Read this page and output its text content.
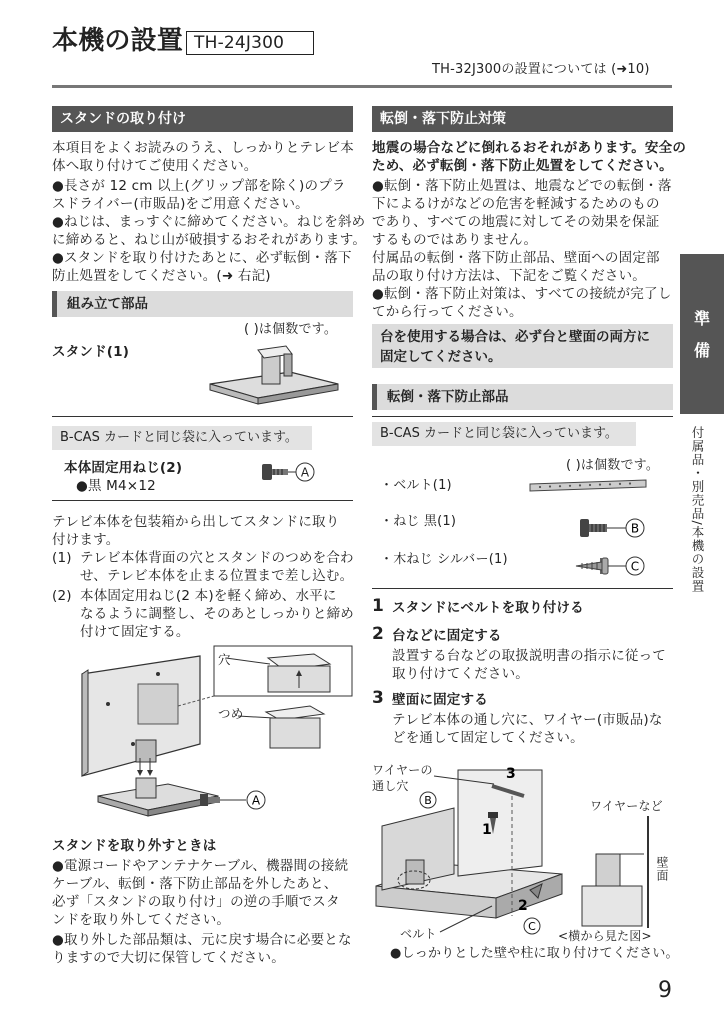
本機の設置 TH-24J300
TH-32J300の設置については (➜10)
スタンドの取り付け
本項目をよくお読みのうえ、しっかりとテレビ本
体へ取り付けてご使用ください。
●長さが 12 cm 以上(グリップ部を除く)のプラ
スドライバー(市販品)をご用意ください。
●ねじは、まっすぐに締めてください。ねじを斜め
に締めると、ねじ山が破損するおそれがあります。
●スタンドを取り付けたあとに、必ず転倒・落下
防止処置をしてください。(➜ 右記)
組み立て部品
( )は個数です。
スタンド(1)
B-CAS カードと同じ袋に入っています。
本体固定用ねじ(2)
●黒 M4×12
A
テレビ本体を包装箱から出してスタンドに取り
付けます。
(1) テレビ本体背面の穴とスタンドのつめを合わ
せ、テレビ本体を止まる位置まで差し込む。
(2) 本体固定用ねじ(2 本)を軽く締め、水平に
なるように調整し、そのあとしっかりと締め
付けて固定する。
A
穴
つめ
スタンドを取り外すときは
●電源コードやアンテナケーブル、機器間の接続
ケーブル、転倒・落下防止部品を外したあと、
必ず「スタンドの取り付け」の逆の手順でスタ
ンドを取り外してください。
●取り外した部品類は、元に戻す場合に必要とな
りますので大切に保管してください。
転倒・落下防止対策
地震の場合などに倒れるおそれがあります。安全の
ため、必ず転倒・落下防止処置をしてください。
●転倒・落下防止処置は、地震などでの転倒・落
下によるけがなどの危害を軽減するためのもの
であり、すべての地震に対してその効果を保証
するものではありません。
付属品の転倒・落下防止部品、壁面への固定部
品の取り付け方法は、下記をご覧ください。
●転倒・落下防止対策は、すべての接続が完了し
てから行ってください。
台を使用する場合は、必ず台と壁面の両方に
固定してください。
転倒・落下防止部品
B-CAS カードと同じ袋に入っています。
( )は個数です。
・ベルト(1)
・ねじ 黒(1)	B
・木ねじ シルバー(1)	C
1 スタンドにベルトを取り付ける
2 台などに固定する
設置する台などの取扱説明書の指示に従って
取り付けてください。
3 壁面に固定する
テレビ本体の通し穴に、ワイヤー(市販品)な
どを通して固定してください。
B
C
3
1
2
ワイヤーの
通し穴
ワイヤーなど
壁面
ベルト	<横から見た図>
●しっかりとした壁や柱に取り付けてください。
準
備
付属品・別売品/本機の設置
9
